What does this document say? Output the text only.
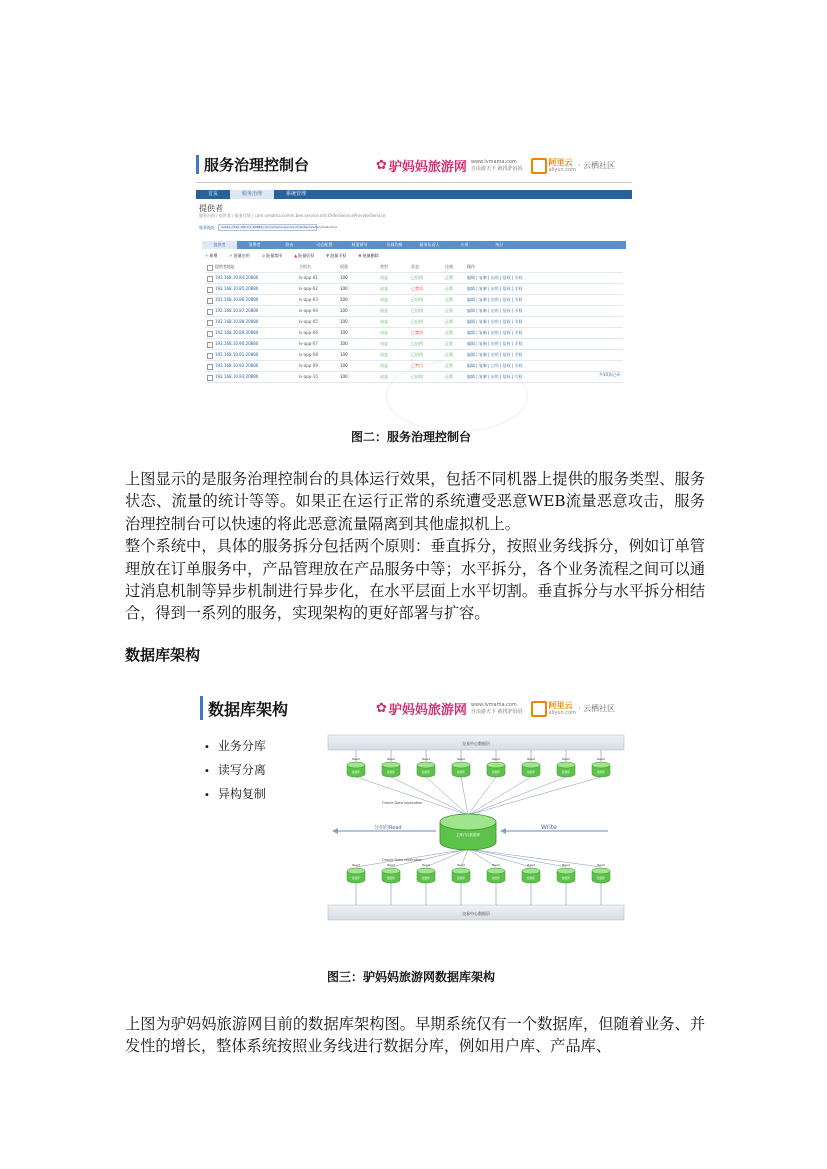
服务治理控制台	✿ 驴妈妈旅游网 www.lvmama.com
自由游天下 就找驴妈妈
阿里云
aliyun.com · 云栖社区
首页	服务治理	系统管理
提供者
服务治理 / 提供者 / 服务详情 / com.lvmama.comm.bee.service.ord.OrderServiceProviderService
服务地址	dubbo://192.168.0.1:20880/com.lvmama.service.OrderService?anyhost=true
提供者	消费者	路由	动态配置	权重调节	负载均衡	服务负责人	应用	统计
+新增	✔批量启用	⊘批量禁用	▲批量倍权	▼批量半权	✖批量删除
提供者地址	主机名	权重	类型	状态	注册	操作
192.168.10.84:20880	lv-app-01	100	动态	已启用	正常	编辑 | 复制 | 启用 | 倍权 | 半权
192.168.10.85:20880	lv-app-02	100	动态	已禁用	正常	编辑 | 复制 | 启用 | 倍权 | 半权
192.168.10.86:20880	lv-app-03	200	动态	已启用	正常	编辑 | 复制 | 启用 | 倍权 | 半权
192.168.10.87:20880	lv-app-04	100	动态	已启用	正常	编辑 | 复制 | 启用 | 倍权 | 半权
192.168.10.88:20880	lv-app-05	100	动态	已启用	正常	编辑 | 复制 | 启用 | 倍权 | 半权
192.168.10.89:20880	lv-app-06	100	动态	已禁用	正常	编辑 | 复制 | 启用 | 倍权 | 半权
192.168.10.90:20880	lv-app-07	100	动态	已启用	正常	编辑 | 复制 | 启用 | 倍权 | 半权
192.168.10.91:20880	lv-app-08	100	动态	已启用	正常	编辑 | 复制 | 启用 | 倍权 | 半权
192.168.10.92:20880	lv-app-09	100	动态	已禁用	正常	编辑 | 复制 | 启用 | 倍权 | 半权
192.168.10.93:20880	lv-app-10	100	动态	已启用	正常	编辑 | 复制 | 启用 | 倍权 | 半权	共10条记录
图二：服务治理控制台

上图显示的是服务治理控制台的具体运行效果，包括不同机器上提供的服务类型、服务状态、流量的统计等等。如果正在运行正常的系统遭受恶意WEB流量恶意攻击，服务治理控制台可以快速的将此恶意流量隔离到其他虚拟机上。

整个系统中，具体的服务拆分包括两个原则：垂直拆分，按照业务线拆分，例如订单管理放在订单服务中，产品管理放在产品服务中等；水平拆分，各个业务流程之间可以通过消息机制等异步机制进行异步化，在水平层面上水平切割。垂直拆分与水平拆分相结合，得到一系列的服务，实现架构的更好部署与扩容。

数据库架构
数据库架构	✿ 驴妈妈旅游网 www.lvmama.com
自由游天下 就找驴妈妈
阿里云
aliyun.com · 云栖社区
• 业务分库
• 读写分离
• 异构复制
交易中心数据层
交易中心数据层
Read
数据库
Read
数据库
Read
数据库
Read
数据库
Read
数据库
Read
数据库
Read
数据库
Read
数据库
Read
数据库
Read
数据库
Read
数据库
Read
数据库
Read
数据库
Read
数据库
Read
数据库
Read
数据库
Oracle Data replication
Oracle Data replication
分担的Read	Write
主库(写)数据库
图三：驴妈妈旅游网数据库架构

上图为驴妈妈旅游网目前的数据库架构图。早期系统仅有一个数据库，但随着业务、并发性的增长，整体系统按照业务线进行数据分库，例如用户库、产品库、
